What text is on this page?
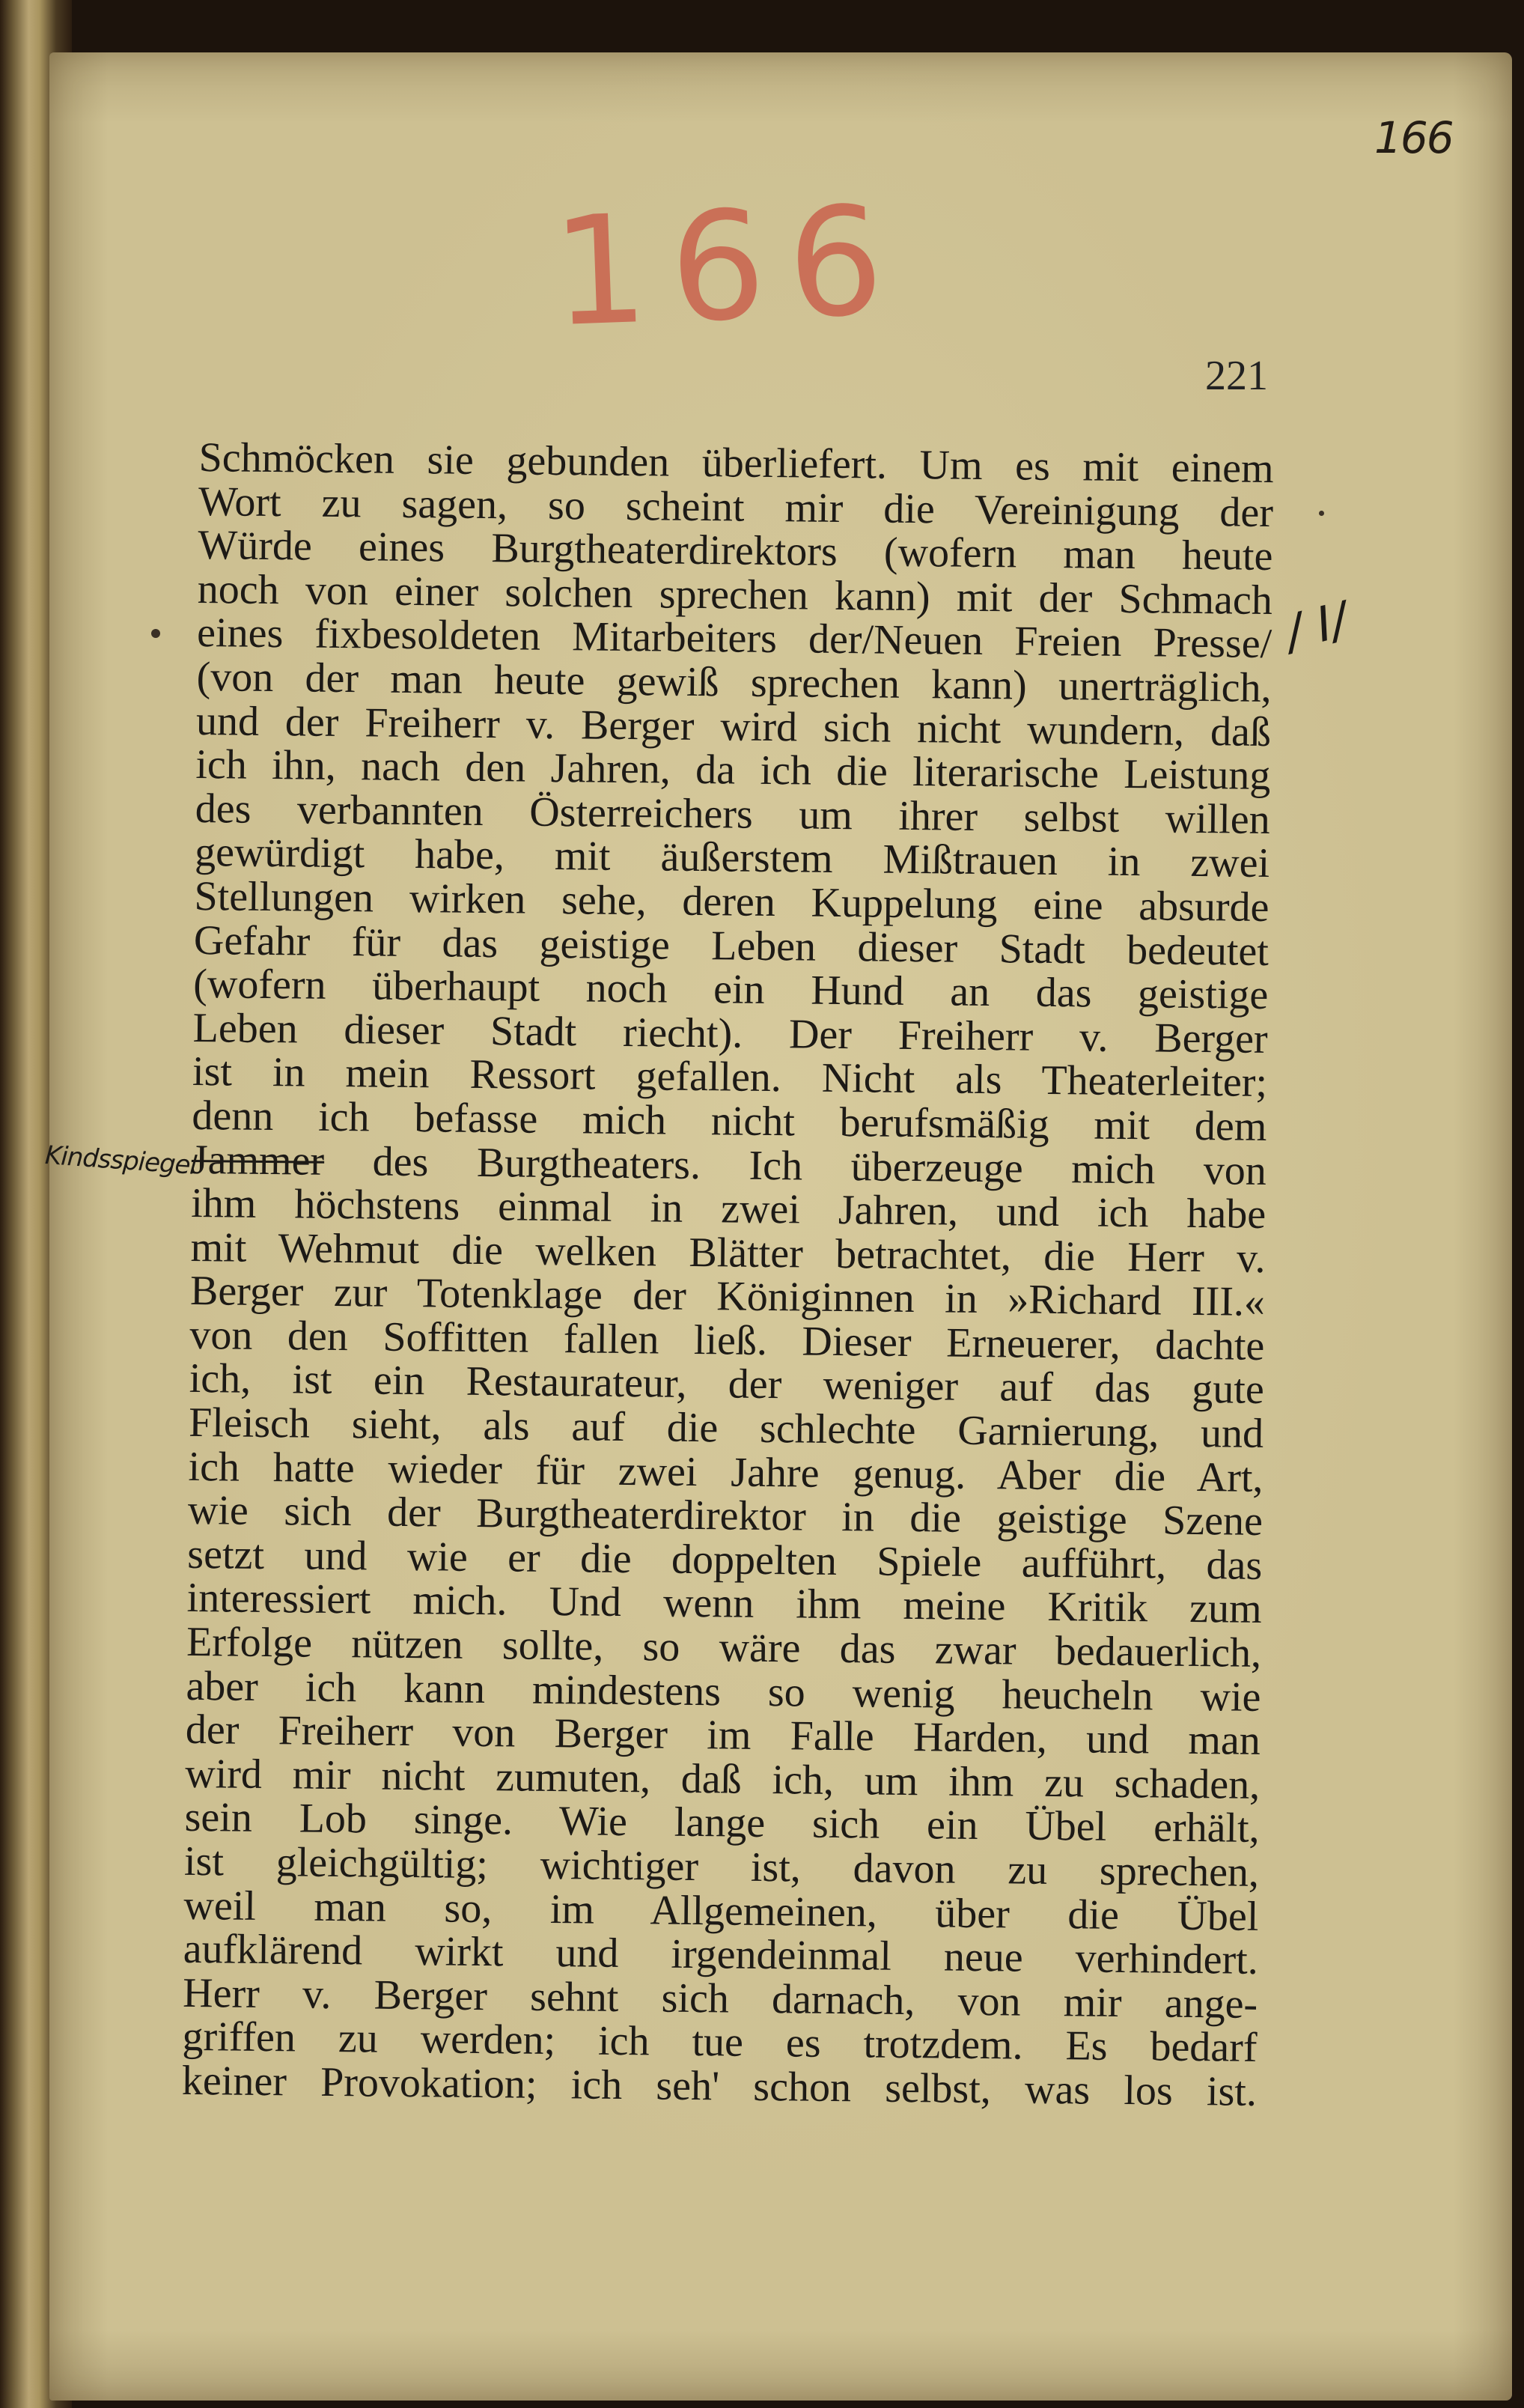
166
166
221
/ I/
Kindsspiegel
Schmöcken sie gebunden überliefert. Um es mit einem
Wort zu sagen, so scheint mir die Vereinigung der
Würde eines Burgtheaterdirektors (wofern man heute
noch von einer solchen sprechen kann) mit der Schmach
eines fixbesoldeten Mitarbeiters der/Neuen Freien Presse/
(von der man heute gewiß sprechen kann) unerträglich,
und der Freiherr v. Berger wird sich nicht wundern, daß
ich ihn, nach den Jahren, da ich die literarische Leistung
des verbannten Österreichers um ihrer selbst willen
gewürdigt habe, mit äußerstem Mißtrauen in zwei
Stellungen wirken sehe, deren Kuppelung eine absurde
Gefahr für das geistige Leben dieser Stadt bedeutet
(wofern überhaupt noch ein Hund an das geistige
Leben dieser Stadt riecht). Der Freiherr v. Berger
ist in mein Ressort gefallen. Nicht als Theaterleiter;
denn ich befasse mich nicht berufsmäßig mit dem
Jammer des Burgtheaters. Ich überzeuge mich von
ihm höchstens einmal in zwei Jahren, und ich habe
mit Wehmut die welken Blätter betrachtet, die Herr v.
Berger zur Totenklage der Königinnen in »Richard III.«
von den Soffitten fallen ließ. Dieser Erneuerer, dachte
ich, ist ein Restaurateur, der weniger auf das gute
Fleisch sieht, als auf die schlechte Garnierung, und
ich hatte wieder für zwei Jahre genug. Aber die Art,
wie sich der Burgtheaterdirektor in die geistige Szene
setzt und wie er die doppelten Spiele aufführt, das
interessiert mich. Und wenn ihm meine Kritik zum
Erfolge nützen sollte, so wäre das zwar bedauerlich,
aber ich kann mindestens so wenig heucheln wie
der Freiherr von Berger im Falle Harden, und man
wird mir nicht zumuten, daß ich, um ihm zu schaden,
sein Lob singe. Wie lange sich ein Übel erhält,
ist gleichgültig; wichtiger ist, davon zu sprechen,
weil man so, im Allgemeinen, über die Übel
aufklärend wirkt und irgendeinmal neue verhindert.
Herr v. Berger sehnt sich darnach, von mir ange-
griffen zu werden; ich tue es trotzdem. Es bedarf
keiner Provokation; ich seh' schon selbst, was los ist.
